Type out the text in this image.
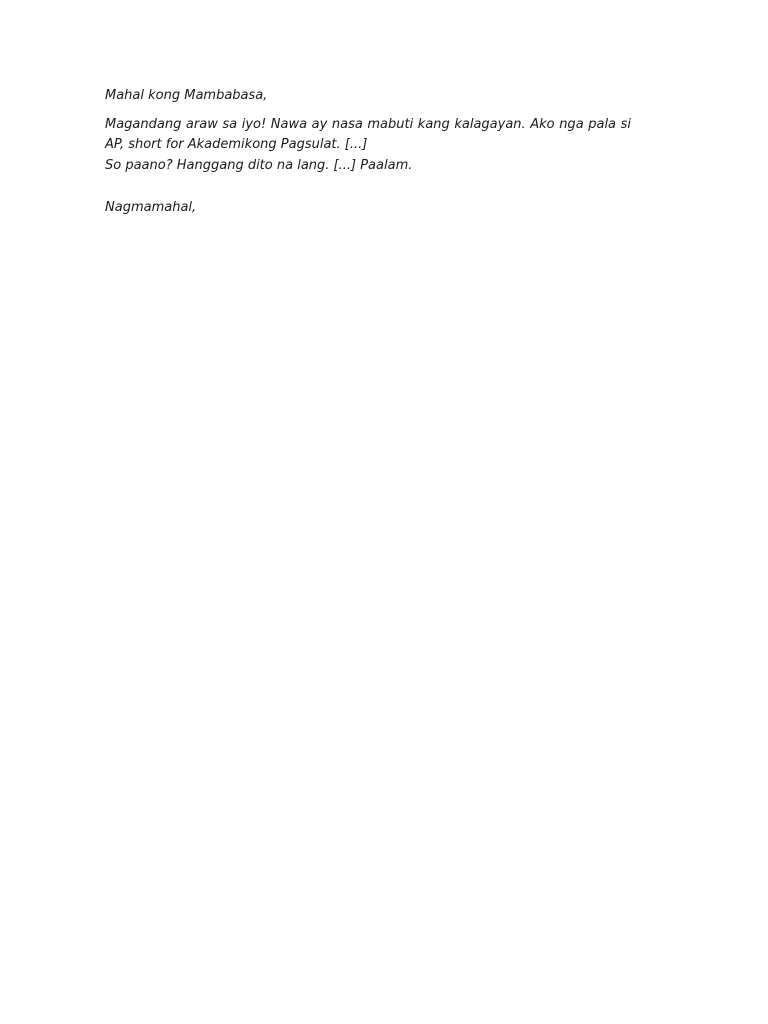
Mahal kong Mambabasa,

Magandang araw sa iyo! Nawa ay nasa mabuti kang kalagayan. Ako nga pala si AP, short for Akademikong Pagsulat. [...]

So paano? Hanggang dito na lang. [...] Paalam.

Nagmamahal,
